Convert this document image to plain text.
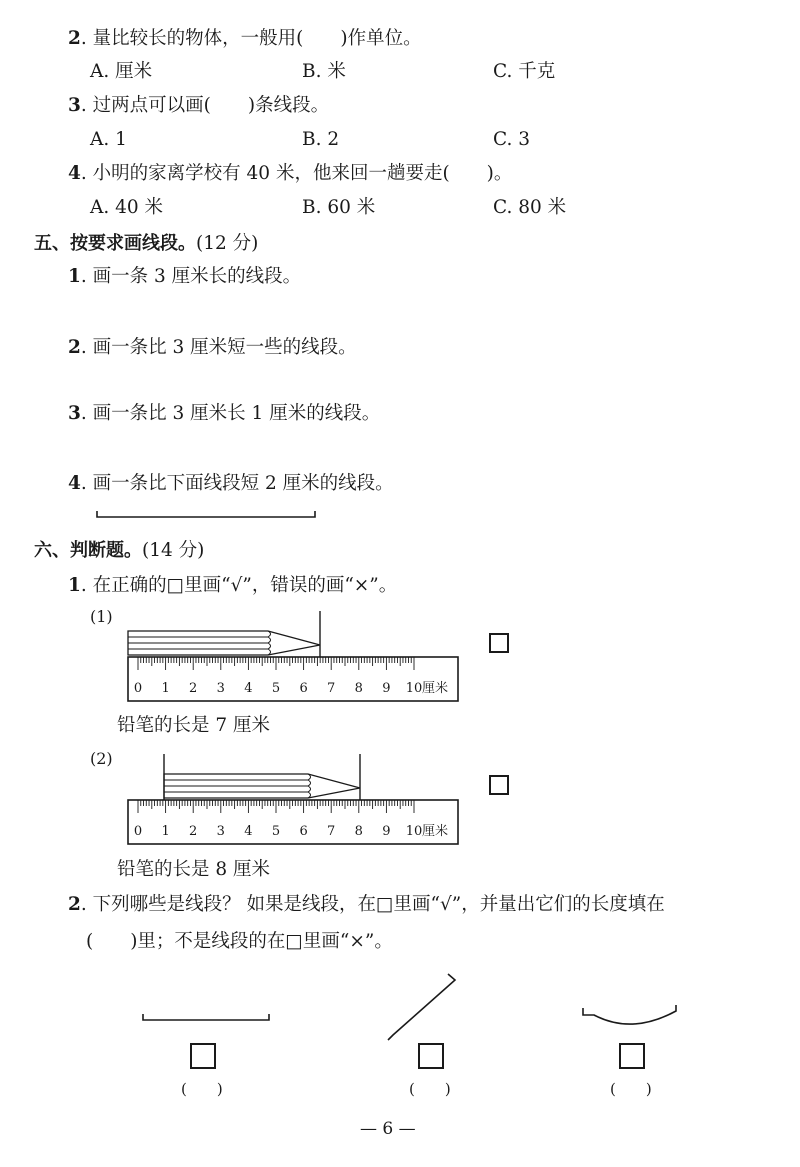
2. 量比较长的物体，一般用(　　)作单位。
A. 厘米	B. 米	C. 千克
3. 过两点可以画(　　)条线段。
A. 1	B. 2	C. 3
4. 小明的家离学校有 40 米，他来回一趟要走(　　)。
A. 40 米	B. 60 米	C. 80 米
五、按要求画线段。(12 分)
1. 画一条 3 厘米长的线段。
2. 画一条比 3 厘米短一些的线段。
3. 画一条比 3 厘米长 1 厘米的线段。
4. 画一条比下面线段短 2 厘米的线段。
六、判断题。(14 分)
1. 在正确的□里画“√”，错误的画“×”。
(1)
0 1 2 3 4 5 6 7 8 9 10 厘米
铅笔的长是 7 厘米
(2)
0 1 2 3 4 5 6 7 8 9 10 厘米
铅笔的长是 8 厘米
2. 下列哪些是线段？ 如果是线段，在□里画“√”，并量出它们的长度填在
(　　)里；不是线段的在□里画“×”。
(　　)	(　　)	(　　)
— 6 —
